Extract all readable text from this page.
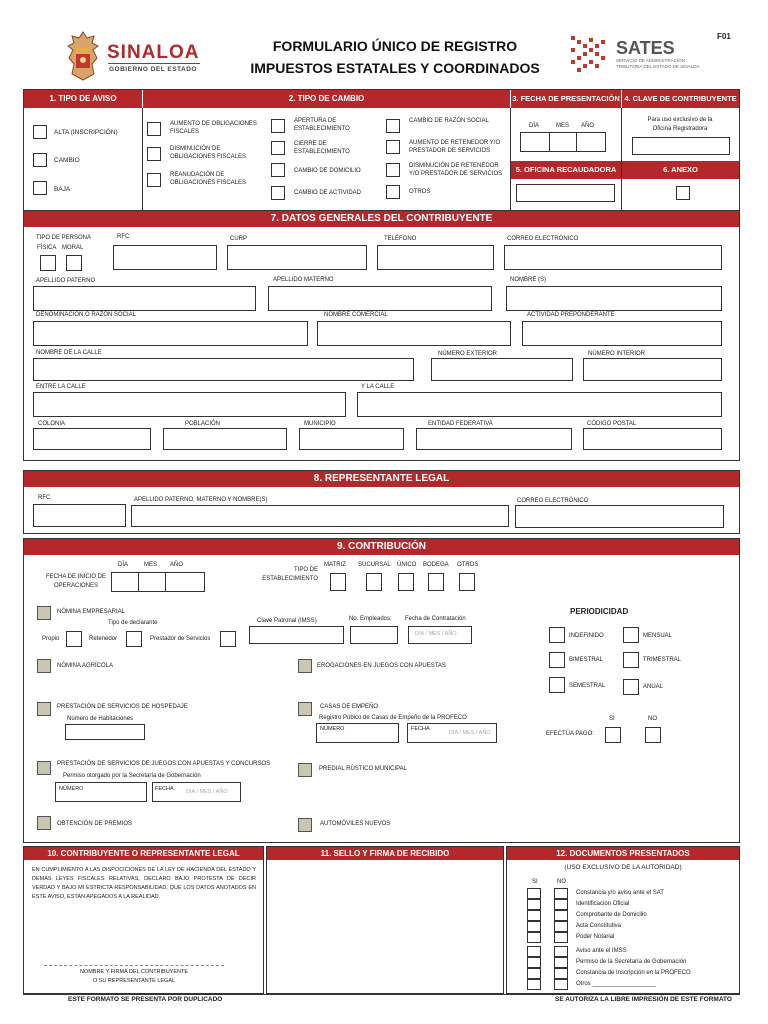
SINALOA
GOBIERNO DEL ESTADO
FORMULARIO ÚNICO DE REGISTRO
IMPUESTOS ESTATALES Y COORDINADOS
SATES
SERVICIO DE ADMINISTRACIÓN
TRIBUTARIA DEL ESTADO DE SINALOA
F01
1. TIPO DE AVISO	2. TIPO DE CAMBIO	3. FECHA DE PRESENTACIÓN 4. CLAVE DE CONTRIBUYENTE
ALTA (INSCRIPCIÓN)
CAMBIO
BAJA
AUMENTO DE OBLIGACIONES FISCALES
DISMINUCIÓN DE OBLIGACIONES FISCALES
REANUDACIÓN DE OBLIGACIONES FISCALES
APERTURA DE ESTABLECIMIENTO
CIERRE DE ESTABLECIMIENTO
CAMBIO DE DOMICILIO
CAMBIO DE ACTIVIDAD
CAMBIO DE RAZÓN SOCIAL
AUMENTO DE RETENEDOR Y/O PRESTADOR DE SERVICIOS
DISMINUCIÓN DE RETENEDOR Y/O PRESTADOR DE SERVICIOS
OTROS
DÍA	MES AÑO
Para uso exclusivo de la Oficina Registradora
5. OFICINA RECAUDADORA	6. ANEXO
7. DATOS GENERALES DEL CONTRIBUYENTE
TIPO DE PERSONA
FÍSICA MORAL
RFC	CURP	TELÉFONO	CORREO ELECTRÓNICO
APELLIDO PATERNO	APELLIDO MATERNO	NOMBRE (S)
DENOMINACIÓN O RAZÓN SOCIAL	NOMBRE COMERCIAL	ACTIVIDAD PREPONDERANTE
NOMBRE DE LA CALLE	NÚMERO EXTERIOR	NÚMERO INTERIOR
ENTRE LA CALLE	Y LA CALLE
COLONIA	POBLACIÓN	MUNICIPIO	ENTIDAD FEDERATIVA	CÓDIGO POSTAL
8. REPRESENTANTE LEGAL
RFC	APELLIDO PATERNO, MATERNO Y NOMBRE(S)	CORREO ELECTRÓNICO
9. CONTRIBUCIÓN
DÍA	MES AÑO
FECHA DE INICIO DE OPERACIONES
TIPO DE ESTABLECIMIENTO
MATRIZ SUCURSAL ÚNICO BODEGA OTROS
NÓMINA EMPRESARIAL
Tipo de declarante
Propio	Retenedor	Prestador de Servicios
Clave Patronal (IMSS)	No. Empleados: Fecha de Contratación
DÍA / MES / AÑO
PERIODICIDAD
INDEFINIDO	MENSUAL
BIMESTRAL	TRIMESTRAL
SEMESTRAL	ANUAL
NÓMINA AGRÍCOLA	EROGACIONES EN JUEGOS CON APUESTAS
PRESTACIÓN DE SERVICIOS DE HOSPEDAJE
Número de Habitaciones
CASAS DE EMPEÑO
Registro Púbico de Casas de Empeño de la PROFECO
NÚMERO	FECHA
DÍA / MES / AÑO
SI	NO
EFECTÚA PAGO:
PRESTACIÓN DE SERVICIOS DE JUEGOS CON APUESTAS Y CONCURSOS
Permiso otorgado por la Secretaría de Gobernación
NÚMERO	FECHA DÍA / MES / AÑO
PREDIAL RÚSTICO MUNICIPAL
OBTENCIÓN DE PREMIOS	AUTOMÓVILES NUEVOS
10. CONTRIBUYENTE O REPRESENTANTE LEGAL
EN CUMPLIMIENTO A LAS DISPOCICIONES DE LA LEY DE HACIENDA DEL ESTADO Y DEMÁS LEYES FISCALES RELATIVAS, DECLARO BAJO PROTESTA DE DECIR VERDAD Y BAJO MI ESTRICTA RESPONSABILIDAD, QUE LOS DATOS ANOTADOS EN ESTE AVISO, ESTAN APEGADOS A LA REALIDAD.
NOMBRE Y FIRMA DEL CONTRIBUYENTE
O SU REPRESENTANTE LEGAL
11. SELLO Y FIRMA DE RECIBIDO	12. DOCUMENTOS PRESENTADOS
(USO EXCLUSIVO DE LA AUTORIDAD)
SI	NO
Constancia y/o aviso ante el SAT
Identificación Oficial
Comprobante de Domicilio
Acta Constitutiva
Poder Notarial
Aviso ante el IMSS
Permiso de la Secretaría de Gobernación
Constancia de Inscripción en la PROFECO
Otros ___________________
ESTE FORMATO SE PRESENTA POR DUPLICADO	SE AUTORIZA LA LIBRE IMPRESIÓN DE ESTE FORMATO
